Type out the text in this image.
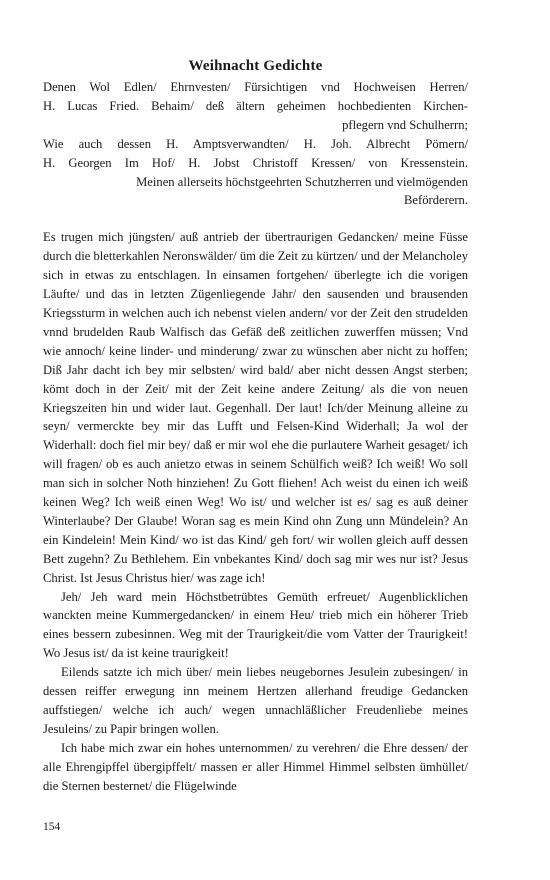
Weihnacht Gedichte
Denen Wol Edlen/ Ehrnvesten/ Fürsichtigen vnd Hochweisen Herren/
H. Lucas Fried. Behaim/ deß ältern geheimen hochbedienten Kirchen-
pflegern vnd Schulherrn;
Wie auch dessen H. Amptsverwandten/ H. Joh. Albrecht Pömern/
H. Georgen Im Hof/ H. Jobst Christoff Kressen/ von Kressenstein.
Meinen allerseits höchstgeehrten Schutzherren und vielmögenden
Beförderern.

Es trugen mich jüngsten/ auß antrieb der übertraurigen Gedancken/ meine Füsse durch die bletterkahlen Neronswälder/ üm die Zeit zu kürtzen/ und der Melancholey sich in etwas zu entschlagen. In einsamen fortgehen/ überlegte ich die vorigen Läufte/ und das in letzten Zügenliegende Jahr/ den sausenden und brausenden Kriegssturm in welchen auch ich nebenst vielen andern/ vor der Zeit den strudelden vnnd brudelden Raub Walfisch das Gefäß deß zeitlichen zuwerffen müssen; Vnd wie annoch/ keine linder- und minderung/ zwar zu wünschen aber nicht zu hoffen; Diß Jahr dacht ich bey mir selbsten/ wird bald/ aber nicht dessen Angst sterben; kömt doch in der Zeit/ mit der Zeit keine andere Zeitung/ als die von neuen Kriegszeiten hin und wider laut. Gegenhall. Der laut! Ich/der Meinung alleine zu seyn/ vermerckte bey mir das Lufft und Felsen-Kind Widerhall; Ja wol der Widerhall: doch fiel mir bey/ daß er mir wol ehe die purlautere Warheit gesaget/ ich will fragen/ ob es auch anietzo etwas in seinem Schülfich weiß? Ich weiß! Wo soll man sich in solcher Noth hinziehen! Zu Gott fliehen! Ach weist du einen ich weiß keinen Weg? Ich weiß einen Weg! Wo ist/ und welcher ist es/ sag es auß deiner Winterlaube? Der Glaube! Woran sag es mein Kind ohn Zung unn Mündelein? An ein Kindelein! Mein Kind/ wo ist das Kind/ geh fort/ wir wollen gleich auff dessen Bett zugehn? Zu Bethlehem. Ein vnbekantes Kind/ doch sag mir wes nur ist? Jesus Christ. Ist Jesus Christus hier/ was zage ich!

Jeh/ Jeh ward mein Höchstbetrübtes Gemüth erfreuet/ Augenblicklichen wanckten meine Kummergedancken/ in einem Heu/ trieb mich ein höherer Trieb eines bessern zubesinnen. Weg mit der Traurigkeit/die vom Vatter der Traurigkeit! Wo Jesus ist/ da ist keine traurigkeit!

Eilends satzte ich mich über/ mein liebes neugebornes Jesulein zubesingen/ in dessen reiffer erwegung inn meinem Hertzen allerhand freudige Gedancken auffstiegen/ welche ich auch/ wegen unnachläßlicher Freudenliebe meines Jesuleins/ zu Papir bringen wollen.

Ich habe mich zwar ein hohes unternommen/ zu verehren/ die Ehre dessen/ der alle Ehrengipffel übergipffelt/ massen er aller Himmel Himmel selbsten ümhüllet/ die Sternen besternet/ die Flügelwinde

154
